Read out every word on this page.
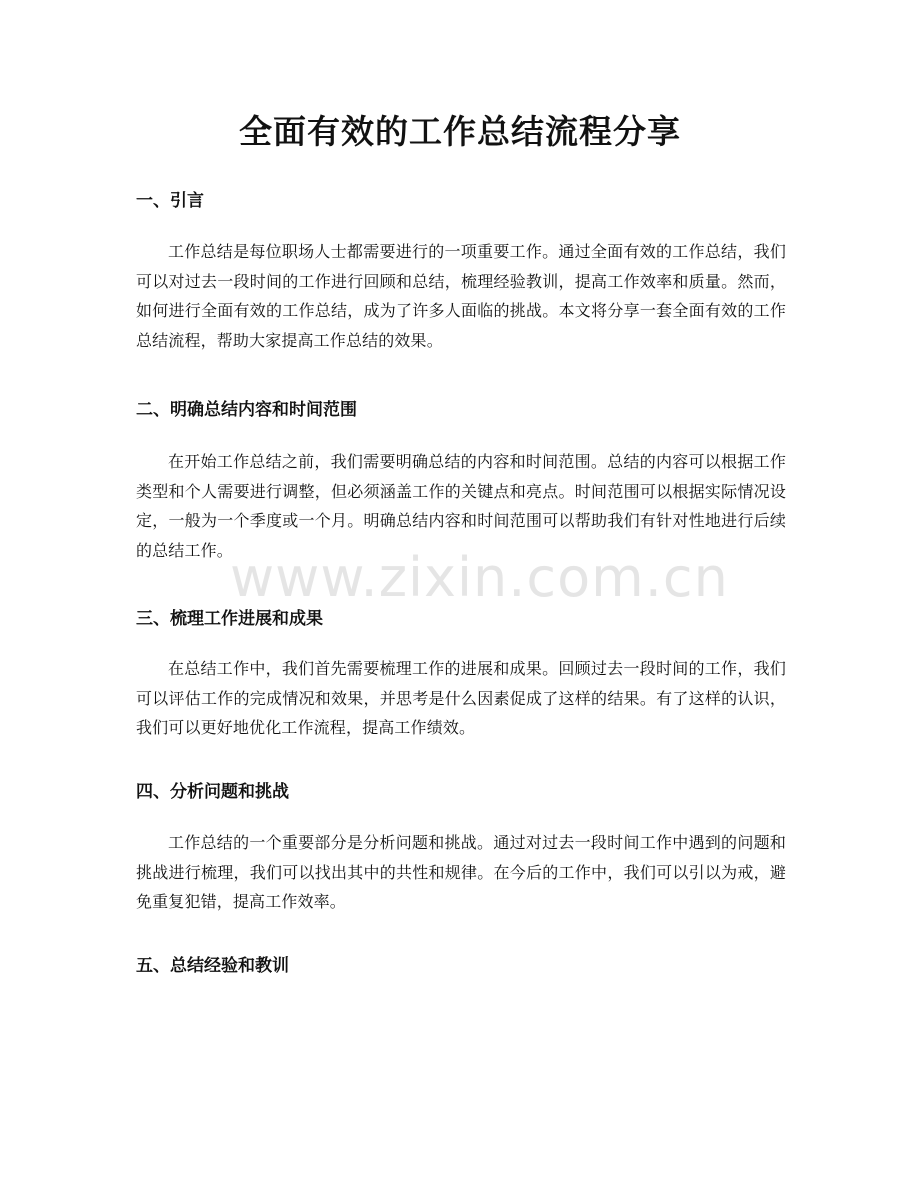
全面有效的工作总结流程分享
www.zixin.com.cn
一、引言

工作总结是每位职场人士都需要进行的一项重要工作。通过全面有效的工作总结，我们可以对过去一段时间的工作进行回顾和总结，梳理经验教训，提高工作效率和质量。然而，如何进行全面有效的工作总结，成为了许多人面临的挑战。本文将分享一套全面有效的工作总结流程，帮助大家提高工作总结的效果。

二、明确总结内容和时间范围

在开始工作总结之前，我们需要明确总结的内容和时间范围。总结的内容可以根据工作类型和个人需要进行调整，但必须涵盖工作的关键点和亮点。时间范围可以根据实际情况设定，一般为一个季度或一个月。明确总结内容和时间范围可以帮助我们有针对性地进行后续的总结工作。

三、梳理工作进展和成果

在总结工作中，我们首先需要梳理工作的进展和成果。回顾过去一段时间的工作，我们可以评估工作的完成情况和效果，并思考是什么因素促成了这样的结果。有了这样的认识，我们可以更好地优化工作流程，提高工作绩效。

四、分析问题和挑战

工作总结的一个重要部分是分析问题和挑战。通过对过去一段时间工作中遇到的问题和挑战进行梳理，我们可以找出其中的共性和规律。在今后的工作中，我们可以引以为戒，避免重复犯错，提高工作效率。

五、总结经验和教训
